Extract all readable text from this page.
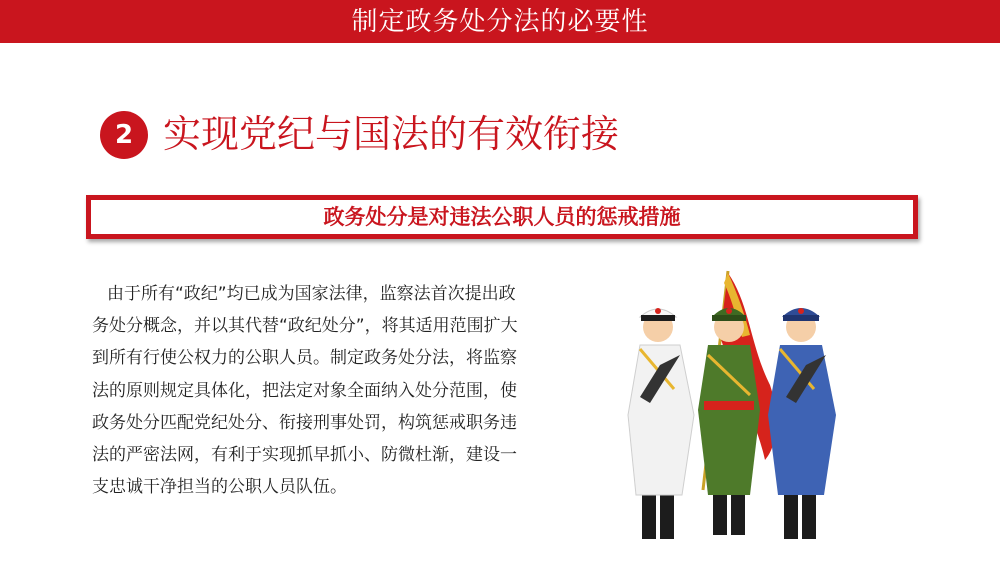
制定政务处分法的必要性
2 实现党纪与国法的有效衔接
政务处分是对违法公职人员的惩戒措施
由于所有“政纪”均已成为国家法律，监察法首次提出政务处分概念，并以其代替“政纪处分”，将其适用范围扩大到所有行使公权力的公职人员。制定政务处分法，将监察法的原则规定具体化，把法定对象全面纳入处分范围，使政务处分匹配党纪处分、衔接刑事处罚，构筑惩戒职务违法的严密法网，有利于实现抓早抓小、防微杜渐，建设一支忠诚干净担当的公职人员队伍。
